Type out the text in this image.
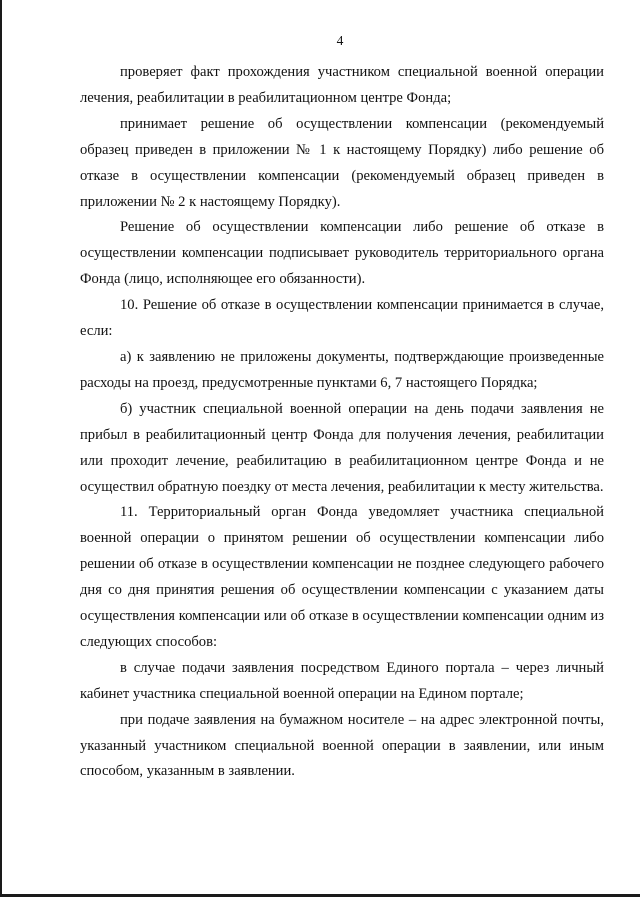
4

проверяет факт прохождения участником специальной военной операции лечения, реабилитации в реабилитационном центре Фонда;

принимает решение об осуществлении компенсации (рекомендуемый образец приведен в приложении № 1 к настоящему Порядку) либо решение об отказе в осуществлении компенсации (рекомендуемый образец приведен в приложении № 2 к настоящему Порядку).

Решение об осуществлении компенсации либо решение об отказе в осуществлении компенсации подписывает руководитель территориального органа Фонда (лицо, исполняющее его обязанности).

10. Решение об отказе в осуществлении компенсации принимается в случае, если:

а) к заявлению не приложены документы, подтверждающие произведенные расходы на проезд, предусмотренные пунктами 6, 7 настоящего Порядка;

б) участник специальной военной операции на день подачи заявления не прибыл в реабилитационный центр Фонда для получения лечения, реабилитации или проходит лечение, реабилитацию в реабилитационном центре Фонда и не осуществил обратную поездку от места лечения, реабилитации к месту жительства.

11. Территориальный орган Фонда уведомляет участника специальной военной операции о принятом решении об осуществлении компенсации либо решении об отказе в осуществлении компенсации не позднее следующего рабочего дня со дня принятия решения об осуществлении компенсации с указанием даты осуществления компенсации или об отказе в осуществлении компенсации одним из следующих способов:

в случае подачи заявления посредством Единого портала – через личный кабинет участника специальной военной операции на Едином портале;

при подаче заявления на бумажном носителе – на адрес электронной почты, указанный участником специальной военной операции в заявлении, или иным способом, указанным в заявлении.
